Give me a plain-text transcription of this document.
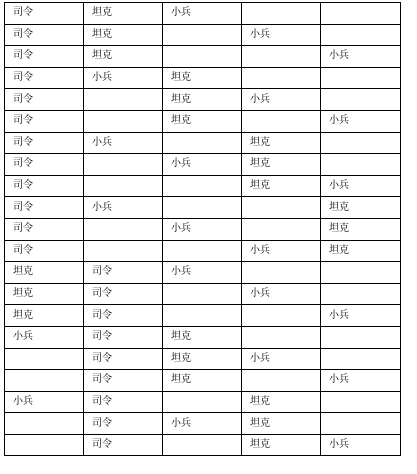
司令	坦克	小兵		
司令	坦克		小兵	
司令	坦克			小兵
司令	小兵	坦克		
司令		坦克	小兵	
司令		坦克		小兵
司令	小兵		坦克	
司令		小兵	坦克	
司令			坦克	小兵
司令	小兵			坦克
司令		小兵		坦克
司令			小兵	坦克
坦克	司令	小兵		
坦克	司令		小兵	
坦克	司令			小兵
小兵	司令	坦克		
	司令	坦克	小兵	
	司令	坦克		小兵
小兵	司令		坦克	
	司令	小兵	坦克	
	司令		坦克	小兵
